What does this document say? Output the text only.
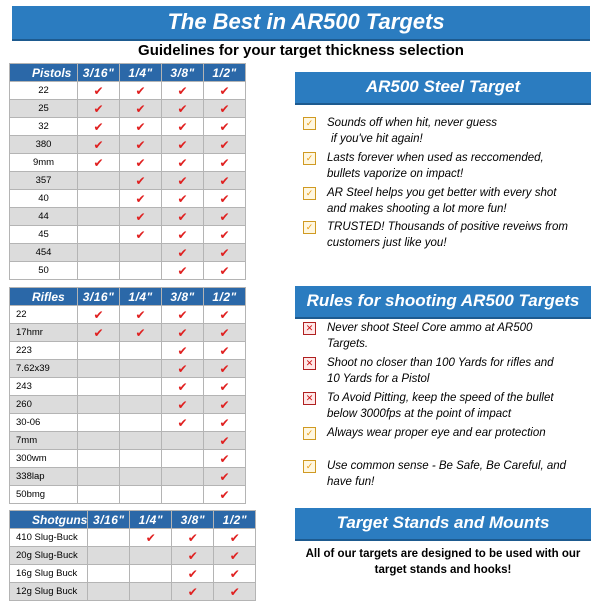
The Best in AR500 Targets
Guidelines for your target thickness selection
Pistols	3/16"	1/4"	3/8"	1/2"
22	✔	✔	✔	✔
25	✔	✔	✔	✔
32	✔	✔	✔	✔
380	✔	✔	✔	✔
9mm	✔	✔	✔	✔
357		✔	✔	✔
40		✔	✔	✔
44		✔	✔	✔
45		✔	✔	✔
454			✔	✔
50			✔	✔
Rifles	3/16"	1/4"	3/8"	1/2"
22	✔	✔	✔	✔
17hmr	✔	✔	✔	✔
223			✔	✔
7.62x39			✔	✔
243			✔	✔
260			✔	✔
30-06			✔	✔
7mm				✔
300wm				✔
338lap				✔
50bmg				✔
Shotguns	3/16"	1/4"	3/8"	1/2"
410 Slug-Buck		✔	✔	✔
20g Slug-Buck			✔	✔
16g Slug Buck			✔	✔
12g Slug Buck			✔	✔
AR500 Steel Target
✓ Sounds off when hit, never guess
if you've hit again!
✓ Lasts forever when used as reccomended,
bullets vaporize on impact!
✓ AR Steel helps you get better with every shot
and makes shooting a lot more fun!
✓ TRUSTED! Thousands of positive reveiws from
customers just like you!
Rules for shooting AR500 Targets
✕ Never shoot Steel Core ammo at AR500
Targets.
✕ Shoot no closer than 100 Yards for rifles and
10 Yards for a Pistol
✕ To Avoid Pitting, keep the speed of the bullet
below 3000fps at the point of impact
✓ Always wear proper eye and ear protection
✓ Use common sense - Be Safe, Be Careful, and
have fun!
Target Stands and Mounts
All of our targets are designed to be used with our
target stands and hooks!
